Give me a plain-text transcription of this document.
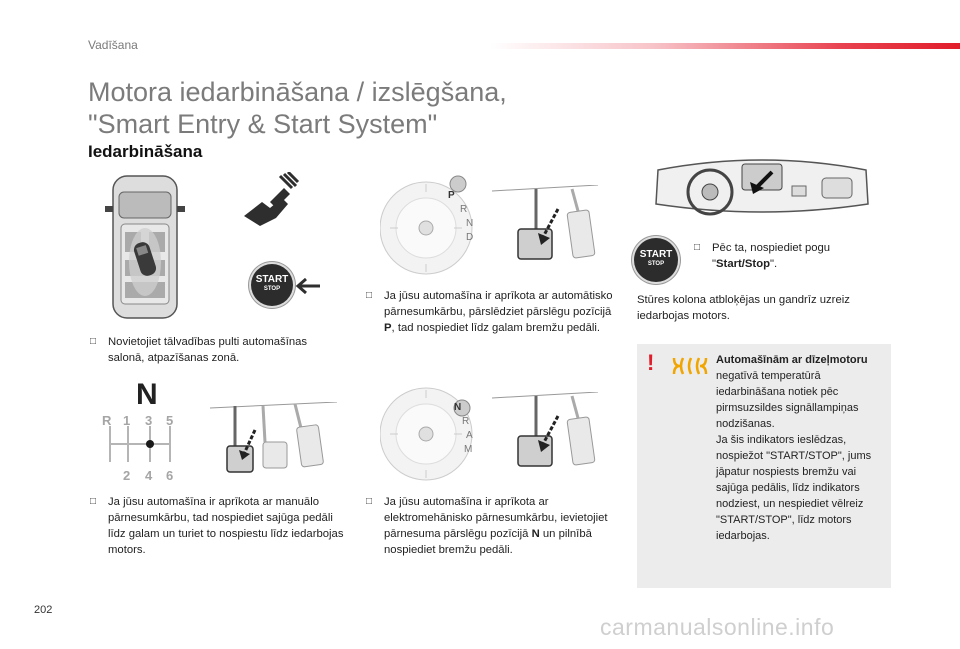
Vadīšana
Motora iedarbināšana / izslēgšana,
"Smart Entry & Start System"
Iedarbināšana
START
STOP
□ Novietojiet tālvadības pulti automašīnas salonā, atpazīšanas zonā.
N
R 1 3 5
2 4 6
□ Ja jūsu automašīna ir aprīkota ar manuālo pārnesumkārbu, tad nospiediet sajūga pedāli līdz galam un turiet to nospiestu līdz iedarbojas motors.
P
R
N
D
□ Ja jūsu automašīna ir aprīkota ar automātisko pārnesumkārbu, pārslēdziet pārslēgu pozīcijā P, tad nospiediet līdz galam bremžu pedāli.
N
R
A
M
□ Ja jūsu automašīna ir aprīkota ar elektromehānisko pārnesumkārbu, ievietojiet pārnesuma pārslēgu pozīcijā N un pilnībā nospiediet bremžu pedāli.
START
STOP
□ Pēc ta, nospiediet pogu "Start/Stop".
Stūres kolona atbloķējas un gandrīz uzreiz iedarbojas motors.
!	Automašīnām ar dīzeļmotoru negatīvā temperatūrā iedarbināšana notiek pēc pirmsuzsildes signāllampiņas nodzišanas.
Ja šis indikators ieslēdzas, nospiežot "START/STOP", jums jāpatur nospiests bremžu vai sajūga pedālis, līdz indikators nodziest, un nespiediet vēlreiz "START/STOP", līdz motors iedarbojas.
202
carmanualsonline.info
